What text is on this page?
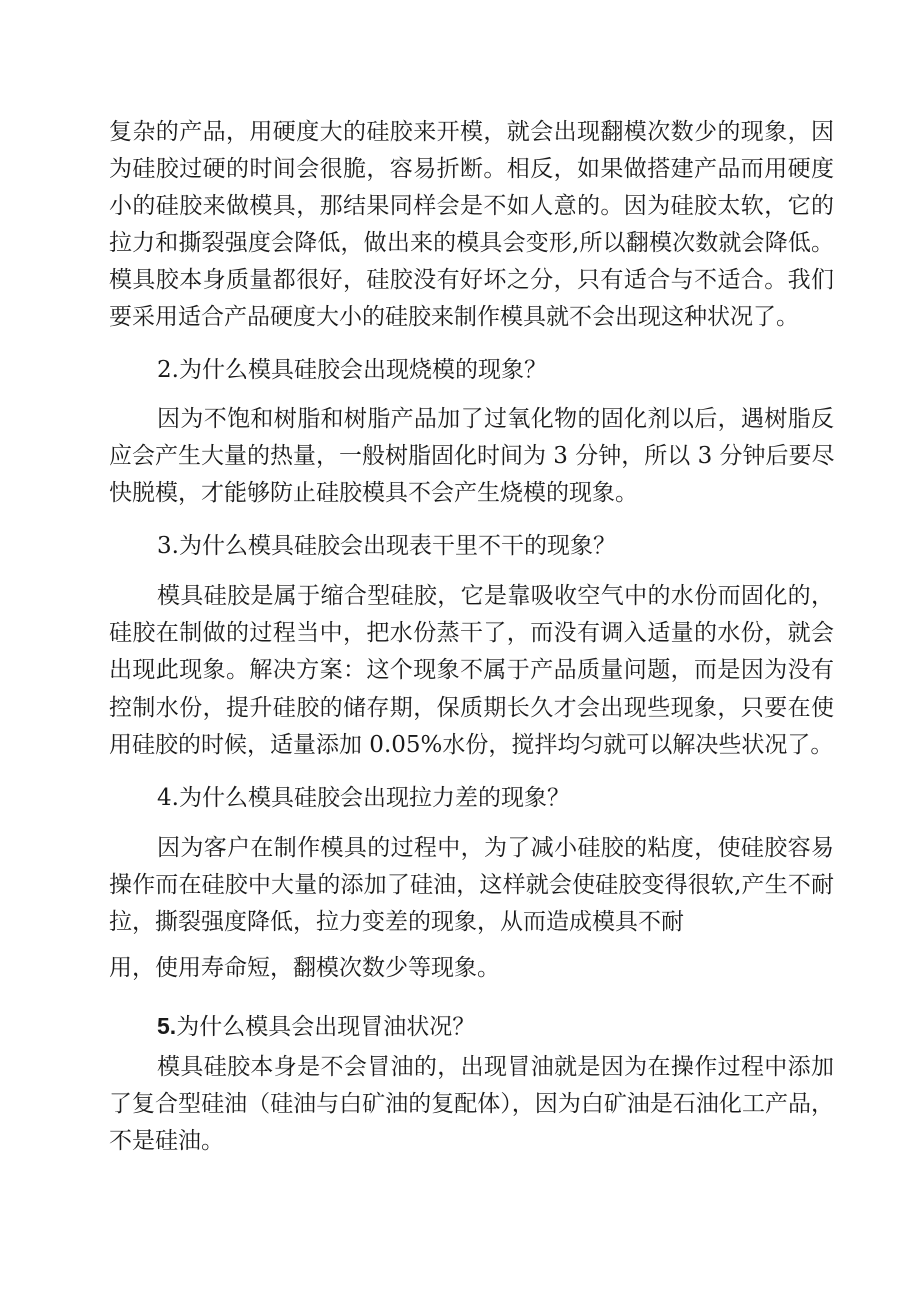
复杂的产品，用硬度大的硅胶来开模，就会出现翻模次数少的现象，因
为硅胶过硬的时间会很脆，容易折断。相反，如果做搭建产品而用硬度
小的硅胶来做模具，那结果同样会是不如人意的。因为硅胶太软，它的
拉力和撕裂强度会降低，做出来的模具会变形,所以翻模次数就会降低。
模具胶本身质量都很好，硅胶没有好坏之分，只有适合与不适合。我们
要采用适合产品硬度大小的硅胶来制作模具就不会出现这种状况了。
2.为什么模具硅胶会出现烧模的现象？
因为不饱和树脂和树脂产品加了过氧化物的固化剂以后，遇树脂反
应会产生大量的热量，一般树脂固化时间为 3 分钟，所以 3 分钟后要尽
快脱模，才能够防止硅胶模具不会产生烧模的现象。
3.为什么模具硅胶会出现表干里不干的现象？
模具硅胶是属于缩合型硅胶，它是靠吸收空气中的水份而固化的，
硅胶在制做的过程当中，把水份蒸干了，而没有调入适量的水份，就会
出现此现象。解决方案：这个现象不属于产品质量问题，而是因为没有
控制水份，提升硅胶的储存期，保质期长久才会出现些现象，只要在使
用硅胶的时候，适量添加 0.05%水份，搅拌均匀就可以解决些状况了。
4.为什么模具硅胶会出现拉力差的现象？
因为客户在制作模具的过程中，为了减小硅胶的粘度，使硅胶容易
操作而在硅胶中大量的添加了硅油，这样就会使硅胶变得很软,产生不耐
拉，撕裂强度降低，拉力变差的现象，从而造成模具不耐
用，使用寿命短，翻模次数少等现象。
5.为什么模具会出现冒油状况？
模具硅胶本身是不会冒油的，出现冒油就是因为在操作过程中添加
了复合型硅油（硅油与白矿油的复配体），因为白矿油是石油化工产品，
不是硅油。
